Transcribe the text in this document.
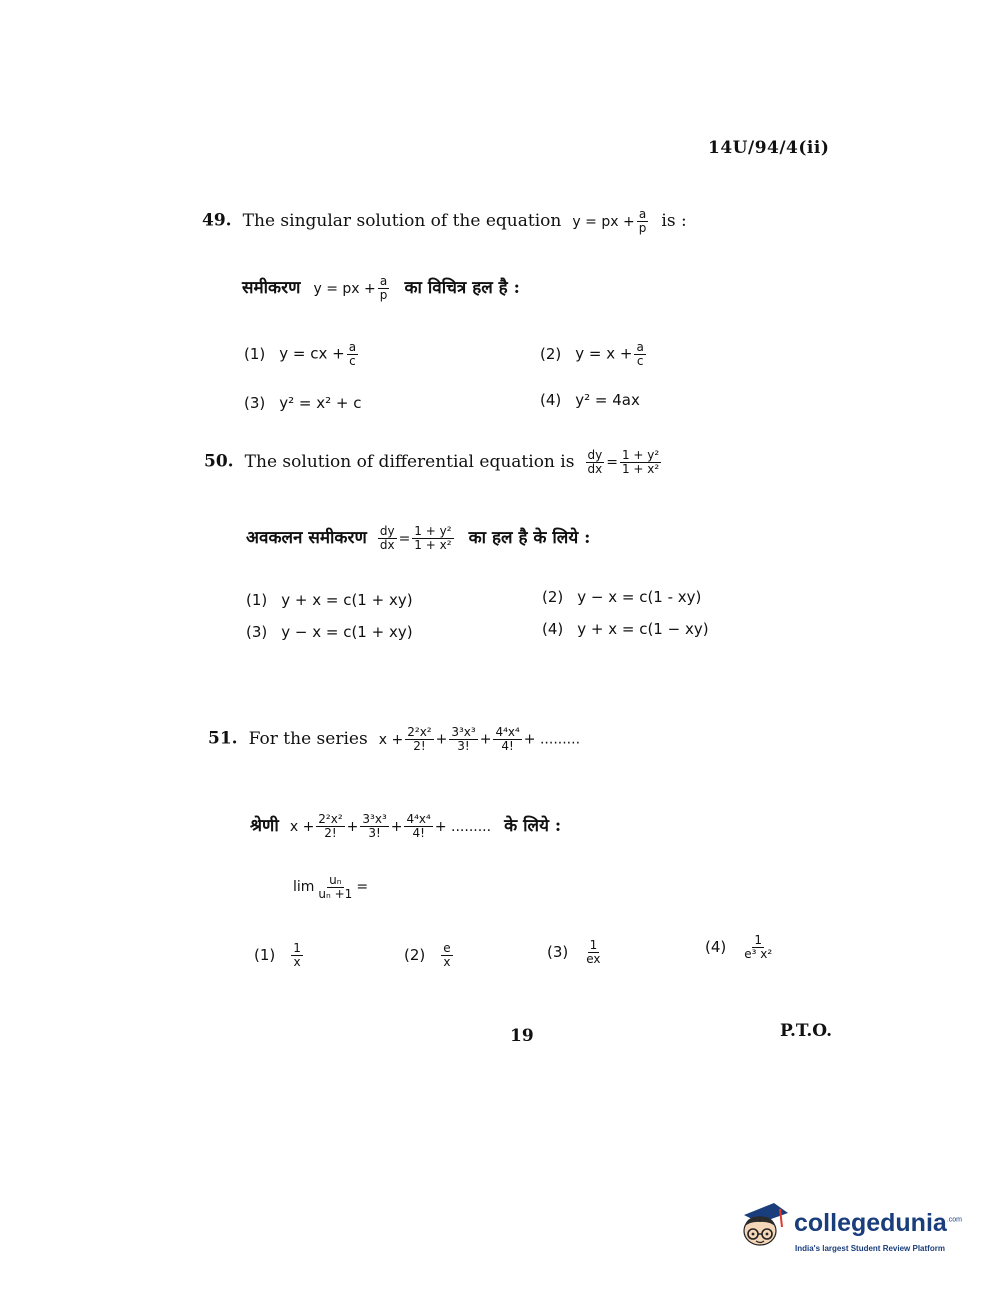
14U/94/4(ii)
49. The singular solution of the equation y = px + $\frac{a}{p}$ is :
समीकरण y = px + $\frac{a}{p}$ का विचित्र हल है :
(1) y = cx + $\frac{a}{c}$	(2) $y = x + \frac{a}{c}$
(3) y² = x² + c	(4) y² = 4ax
50. The solution of differential equation is $\frac{dy}{dx} = \frac{\text{1 + y²}}{\text{1 + x²}}$
अवकलन समीकरण $\frac{dy}{dx} = \frac{\text{1 + y²}}{\text{1 + x²}}$ का हल है के लिये :
(1) y + x = c(1 + xy)	(2) y − x = c(1 - xy)
(3) y − x = c(1 + xy)	(4) y + x = c(1 − xy)
51. For the series $x + \frac{\text{2²x²}}{2!} + \frac{\text{3³x³}}{3!} + \frac{\text{4⁴x⁴}}{4!}$ + .........
श्रेणी $x + \frac{\text{2²x²}}{2!} + \frac{\text{3³x³}}{3!} + \frac{\text{4⁴x⁴}}{4!}$ + ......... के लिये :
$\lim \frac{\text{uₙ}}{\text{uₙ +1}}$ =
$(1) \frac{1}{x}$	$(2) \frac{e}{x}$	$(3) \frac{1}{ex}$	$(4) \frac{1}{\text{e³ x²}}$
19	P.T.O.
collegedunia$^{.com}$
India's largest Student Review Platform
